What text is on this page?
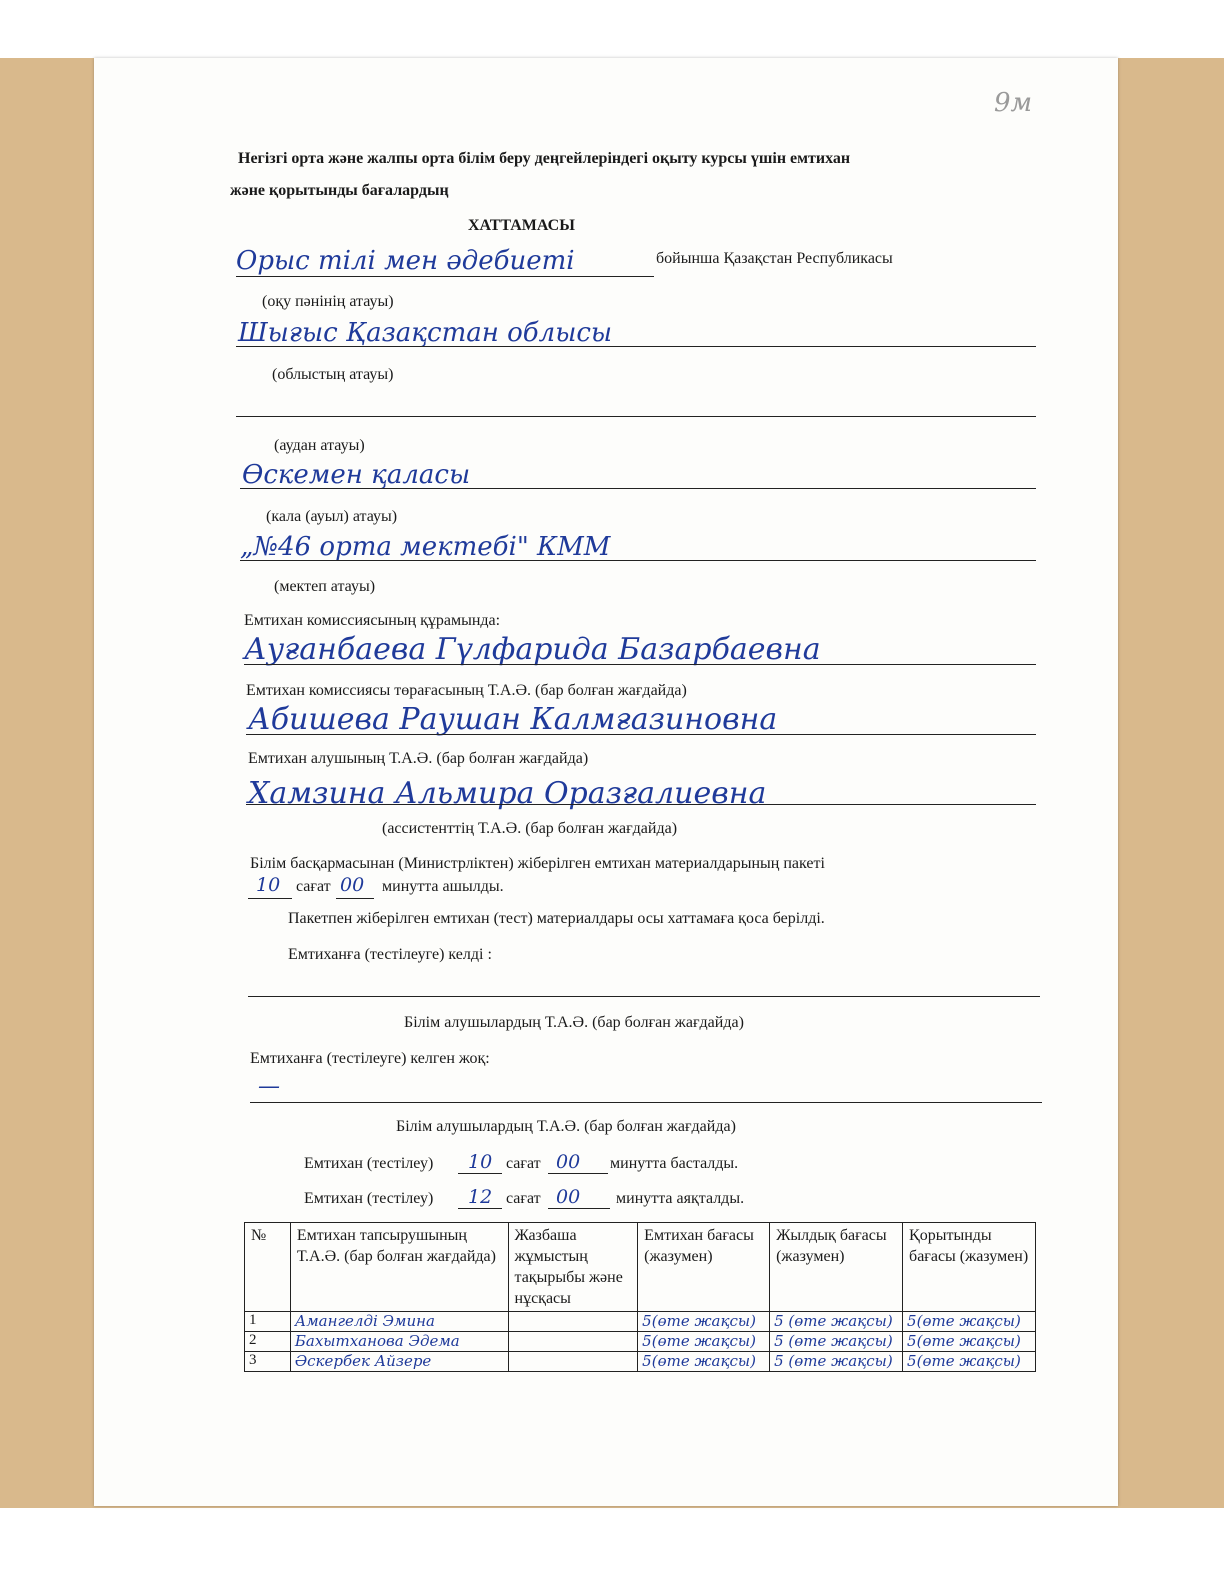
9м
Негізгі орта және жалпы орта білім беру деңгейлеріндегі оқыту курсы үшін емтихан
және қорытынды бағалардың
ХАТТАМАСЫ
Орыс тілі мен әдебиеті	бойынша Қазақстан Республикасы
(оқу пәнінің атауы)
Шығыс Қазақстан облысы
(облыстың атауы)
(аудан атауы)
Өскемен қаласы
(кала (ауыл) атауы)
„№46 орта мектебі" КММ
(мектеп атауы)
Емтихан комиссиясының құрамында:
Ауғанбаева Гүлфарида Базарбаевна
Емтихан комиссиясы төрағасының Т.А.Ә. (бар болған жағдайда)
Абишева Раушан Калмғазиновна
Емтихан алушының Т.А.Ә. (бар болған жағдайда)
Хамзина Альмира Оразғалиевна
(ассистенттің Т.А.Ә. (бар болған жағдайда)
Білім басқармасынан (Министрліктен) жіберілген емтихан материалдарының пакеті
10 сағат 00 минутта ашылды.
Пакетпен жіберілген емтихан (тест) материалдары осы хаттамаға қоса берілді.
Емтиханға (тестілеуге) келді :
Білім алушылардың Т.А.Ә. (бар болған жағдайда)
Емтиханға (тестілеуге) келген жоқ:
—
Білім алушылардың Т.А.Ә. (бар болған жағдайда)
Емтихан (тестілеу) 10 сағат 00 минутта басталды.
Емтихан (тестілеу) 12 сағат 00 минутта аяқталды.
№	Емтихан тапсырушының Т.А.Ә. (бар болған жағдайда)	Жазбаша жұмыстың тақырыбы және нұсқасы	Емтихан бағасы (жазумен)	Жылдық бағасы (жазумен)	Қорытынды бағасы (жазумен)
1	Амангелді Эмина		5(өте жақсы)	5 (өте жақсы)	5(өте жақсы)
2	Бахытханова Эдема		5(өте жақсы)	5 (өте жақсы)	5(өте жақсы)
3	Әскербек Айзере		5(өте жақсы)	5 (өте жақсы)	5(өте жақсы)
